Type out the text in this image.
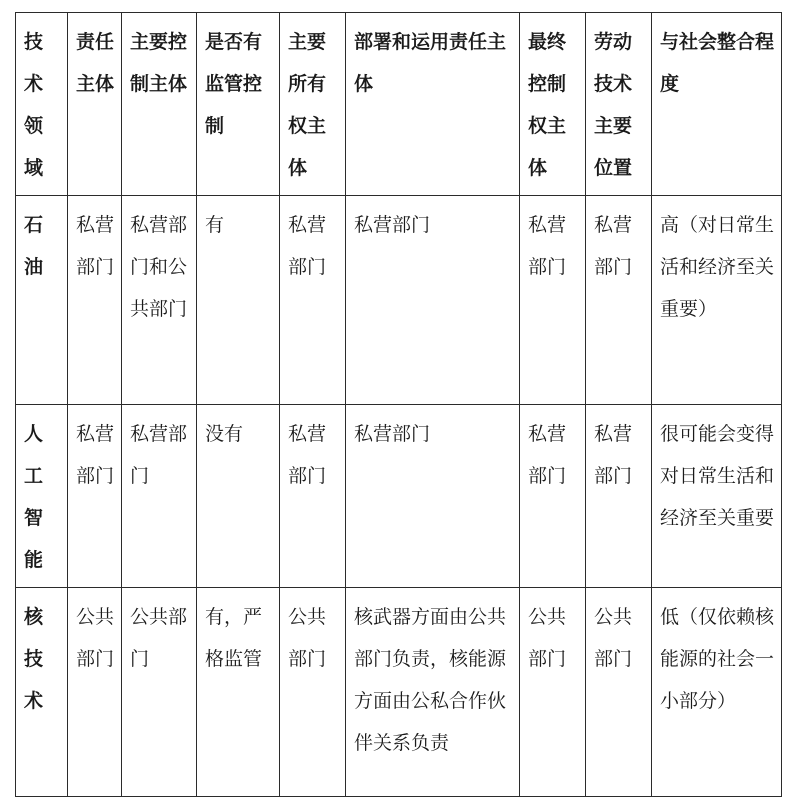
技术领域	责任主体	主要控制主体	是否有监管控制	主要所有权主体	部署和运用责任主体	最终控制权主体	劳动技术主要位置	与社会整合程度
石油	私营部门	私营部门和公共部门	有	私营部门	私营部门	私营部门	私营部门	高（对日常生活和经济至关重要）
人工智能	私营部门	私营部门	没有	私营部门	私营部门	私营部门	私营部门	很可能会变得对日常生活和经济至关重要
核技术	公共部门	公共部门	有，严格监管	公共部门	核武器方面由公共部门负责，核能源方面由公私合作伙伴关系负责	公共部门	公共部门	低（仅依赖核能源的社会一小部分）
